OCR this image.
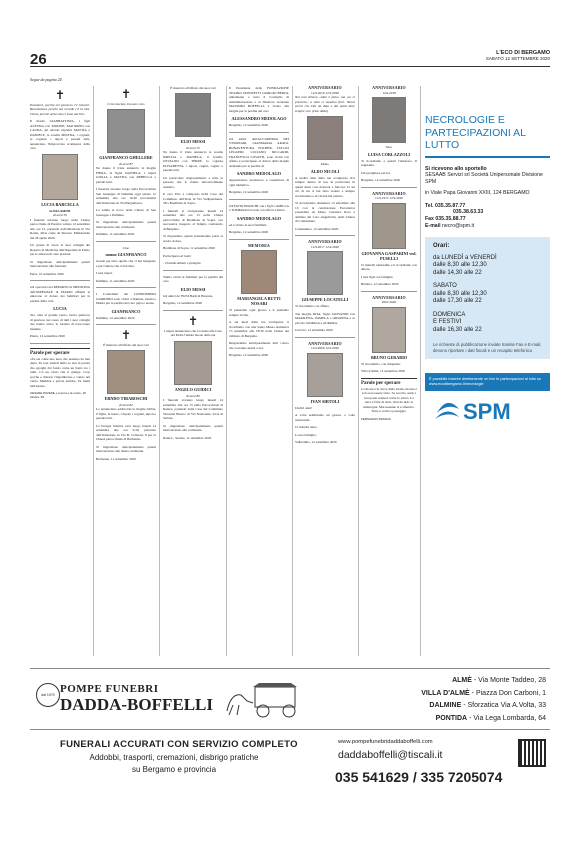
26	L'ECO DI BERGAMO
SABATO 12 SETTEMBRE 2020
Segue da pagina 24
✝

Pensateci, perché nel pensiero c'è l'amore. Ricordatemi, perché nel ricordo c'è la vita. Vivete, perché nella vita ci sono anch'io.

Il marito GIANBATTISTA, i figli ALESSIA con SIMONE, MAURIZIO con LAURA, gli adorati nipotini MATTIA e DANIELE, la sorella MILENA, i cognati, le cognate, i nipoti e parenti tutti, annunciano l'improvvisa scomparsa della cara

LUCIA BARCELLA
in PALAMINI
di anni 59

I funerali avranno luogo nella Chiesa parrocchiale di Paratico sabato 12 settembre alle ore 15, partendo dall'abitazione in Via Roma, 49/A come da Decreto Ministeriale del 26 aprile 2020.

Un grazie di cuore ai suoi colleghi del Reparto di Medicina dell'Ospedale di Piario per le amorevoli cure prestate.

Si ringraziano anticipatamente quanti interverranno alle funzioni.

Parre, 10 settembre 2020

Gli operatori del REPARTO di MEDICINA dell'OSPEDALE di PIARIO affranti si uniscono al dolore dei familiari per la perdita della cara

LUCIA

che, oltre al grande vuoto, lascia qualcosa di prezioso nel cuore di tutti i suoi colleghi che hanno avuto la fortuna di trascorrere insieme.

Piario, 12 settembre 2020

Parole per sperare

«Tu sei come uno terra che nessuno ha mai detta. Tu non attendi nulla se non la parola che sgorghi dal fondo come un frutto tra i rami. C'è un vento che ti giunge. Cose secche e rimorte t'ingombrano e vanno nel vento. Membra e parole antiche. Tu tremi nell'estate».

CESARE PAVESE, La terra e la morte, 26 ottobre '45
✝
Ci ha lasciato il nostro caro
GIANFRANCO GHELLERE
di anni 87

Ne danno il triste annuncio la moglie FIERA, la figlia DANIELA, i nipoti GIULIA e MATTIA con REBECCA e parenti tutti.

I funerali avranno luogo nella Parrocchiale San Giuseppe di Dalmine oggi sabato 12 settembre alle ore 10,30 provenienti dall'abitazione in Via Bargamasca.

La salma si trova nella Chiesa di San Giuseppe a Dalmine.

Si ringraziano anticipatamente quanti interverranno alla cerimonia.

Dalmine, 11 settembre 2020

Ciao
nonno GIANFRANCO

Grazie per tutto quello che ci hai insegnato e per l'amore che ci hai dato.

I tuoi nipoti.

Dalmine, 11 settembre 2020

I Condomini del CONDOMINIO GIARDINO sono vicini a Daniela, Giulia e Mattia per la perdita del caro papà e nonno

GIANFRANCO

Dalmine, 12 settembre 2020

✝
È mancato all'affetto dei suoi cari
ERNDO TIRABOSCHI
di anni 82

Lo annunciano addolorati la moglie GINA, il figlio, le nuore, i nipoti, i cognati, nipoti e parenti tutti.

La liturgia funebre avrà luogo lunedì 14 settembre alle ore 9,30, partendo dall'abitazione in Via B. Colleoni, 8 per la Chiesa parrocchiale di Berbenno.

Si ringraziano anticipatamente quanti interverranno alla mesta cerimonia.

Berbenno, 11 settembre 2020

È mancato all'affetto dei suoi cari
ELIO MESSI
di anni 72

Ne danno il triste annuncio le sorelle IMELDA e DANIELA, il fratello OSVALDO con TERRY, la cognata ELISABETTA, i nipoti, cugini, cugine e parenti tutti.

Un particolare ringraziamento a tutte le persone che lo hanno amorevolmente assistito.

Il caro Elio è composto nella Casa del Commiato dell'Isola in Via Vedipendenza, 38 a Brembate di Sopra.

I funerali si svolgeranno lunedì 14 settembre alle ore 15 nella Chiesa parrocchiale di Brembate di Sopra, ove successiva trasporto al Tempio crematorio di Bergamo.

Si ringraziano quanti prenderanno parte al nostro dolore.

Brembate di Sopra, 11 settembre 2020

Partecipano al lutto:

- Osvaldo Albani e famiglia

Siamo vicini ai familiari per la perdita del caro

ELIO MESSI

Gli amici de' BUSI BAR di Barzana.

Bergamo, 12 settembre 2020

✝

I nipoti annunciano che è tornata alla Casa del Padre l'amata buona della zia

ANGELO GUIDICI
di anni 89

I funerali avranno luogo lunedì 14 settembre alle ore 15 nella Parrocchiale di Ranica, partendo dalla Casa del Commiato Vincenzi Bianco di Via Nazionale, 22/A di Seriate.

Si ringraziano anticipatamente quanti interverranno alla cerimonia.

Ranica - Seriate, 11 settembre 2020

Il Presidente della FONDAZIONE TEATRO DONIZETTI GIORGIO BERTA, unitamente a tutto il Consiglio di Amministrazione e al Direttore Generale MASSIMO BOFFELLI, è vicino alla moglie per la perdita del caro

ALESSANDRO MEDOLAGO

Bergamo, 12 settembre 2020

Gli amici dell'ACCADEMIA DEI VISIONARI, GIANMARIA ARATA, BONAVENTURA FOCHER, TULLIO LEGGERI, LUCIANO RICCARDI, FRANCESCO LOVATTI, sono vicini con affetto e partecipano al dolore della moglie Armanda per la perdita di

SANDRO MEDOLAGO

Appassionato promotore e sostenitore di ogni iniziativa.

Bergamo, 12 settembre 2020

OTTAVIO BIANCHI con i figli CAMILLA e TOMMASO ricorda con affetto l'amico

SANDRO MEDOLAGO

ed è vicino ai suoi familiari.

Bergamo, 12 settembre 2020

MEMORIA
MARIANGELA BUTTI NOSARI

Ti pensiamo ogni giorno e ti sentiamo sempre vicina.

A sei mesi dalla tua scomparsa, ti ricordiamo con una Santa Messa domenica 13 settembre alle 18:30 nella Chiesa del cimitero di Bergamo.

Ringraziamo anticipatamente tutti coloro che vorranno unirsi a noi.

Bergamo, 12 settembre 2020

ANNIVERSARIO
12.9.2019 12.9.2020

Noi mai diremo «tutto è fatto» ma «tu ci presenti»; a tutto ci saranno fiori. Valori eterni che Dio ha dato e dei quali dove sempre vivi. (Don Abbo)

Mons.
ALDO NICOLI

A undici anni dalla tua scomparsa vivi sempre dentro di noi, in particolare in questi mesi così dolorosi e faticosi. Ti sei ciò di cui ci hai fatto vedere e sempre ricorderemo e di cui hai hai parlato.

Ti ricorderemo domenica 13 settembre alle 10 con la celebrazione Eucaristica presieduta da Mons. Gianluca Rota e animata dal Coro Angelicum, nella Chiesa di Comenduno.

Comenduno, 12 settembre 2020

ANNIVERSARIO
12.9.2017 12.9.2020
GIUSEPPE LOCATELLI

Ti ricordiamo con affetto.

Tua moglie RITA, figlio GIOVANNI con MARILENA, PAMELA e ARIANNA e le piccole GIORGIA e AURORA.

Curvico, 12 settembre 2020

ANNIVERSARIO
12.9.2009 12.9.2020
IVAN SIRTOLI

Undici anni!

A volte sembriamo un giorno, a volte un'eternità.

Ci manchi tanto.

La tua famiglia.

Valbrembo, 12 settembre 2020

ANNIVERSARIO
14.9.2018
Suor
LUISA CORLAZZOLI

Ti ricordiamo a quanti l'amarono. Il sappiamo.

Una preghiera per lei.

Bergamo, 12 settembre 2020

ANNIVERSARIO
12.9.1972 12.9.2020
GIOVANNA GASPARINI ved. PUSELLI

Ci manchi tantissimo e ti ricordiamo con amore.

I tuoi figli con famiglie.

Brusino, 12 settembre 2020

ANNIVERSARIO
2002 2020
BRUNO GERARDI

Ti ricordiamo, con rimpianto.

Villa d'Almè, 13 settembre 2020

Parole per sperare

La morte è la curva della strada, morire è solo non essere visto. Se ascolto, sento i tuoi passi esistere come io esisto. La terra è fatta di cielo. Non ha nido la menzogna. Mai nessuno si è smarrito. Tutto è verità e passaggio.

FERNANDO PESSOA
NECROLOGIE E PARTECIPAZIONI AL LUTTO
Si ricevono allo sportello
SESAAB Servizi srl Società Unipersonale Divisione SPM
in Viale Papa Giovanni XXIII, 124 BERGAMO
Tel. 035.35.87.77
035.38.63.33
Fax 035.35.88.77
E-mail necro@spm.it
Orari:
da LUNEDÌ a VENERDÌ
dalle 8,30 alle 12,30
dalle 14,30 alle 22
SABATO
dalle 8,30 alle 12,30
dalle 17,30 alle 22
DOMENICA
E FESTIVI
dalle 16,30 alle 22
Le richieste di pubblicazione inviate tramite Fax e E-mail, devono riportare i dati fiscali e un recapito telefonico
È possibile inserire direttamente on line le partecipazioni al lutto su www.eccdibergamo.it/necrologie
SPM
dal 1970 POMPE FUNEBRI
DADDA-BOFFELLI
ALMÈ - Via Monte Taddeo, 28
VILLA D'ALMÈ - Piazza Don Carboni, 1
DALMINE - Sforzatica Via A.Volta, 33
PONTIDA - Via Lega Lombarda, 64
FUNERALI ACCURATI CON SERVIZIO COMPLETO
Addobbi, trasporti, cremazioni, disbrigo pratiche
su Bergamo e provincia
www.pompefunebridaddaboffelli.com
daddaboffelli@tiscali.it
035 541629 / 335 7205074
